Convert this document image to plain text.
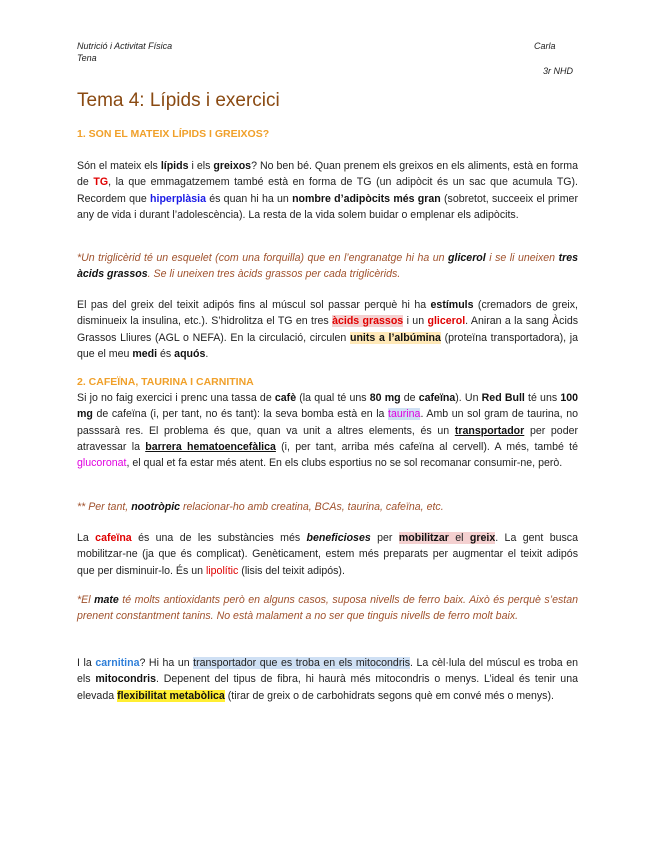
Nutrició i Activitat Física
Tena
Carla
3r NHD
Tema 4: Lípids i exercici
1. SON EL MATEIX LÍPIDS I GREIXOS?
Són el mateix els lípids i els greixos? No ben bé. Quan prenem els greixos en els aliments, està en forma de TG, la que emmagatzemem també està en forma de TG (un adipòcit és un sac que acumula TG). Recordem que hiperplàsia és quan hi ha un nombre d’adipòcits més gran (sobretot, succeeix el primer any de vida i durant l’adolescència). La resta de la vida solem buidar o emplenar els adipòcits.
*Un triglicèrid té un esquelet (com una forquilla) que en l’engranatge hi ha un glicerol i se li uneixen tres àcids grassos. Se li uneixen tres àcids grassos per cada triglicèrids.
El pas del greix del teixit adipós fins al múscul sol passar perquè hi ha estímuls (cremadors de greix, disminueix la insulina, etc.). S’hidrolitza el TG en tres àcids grassos i un glicerol. Aniran a la sang Àcids Grassos Lliures (AGL o NEFA). En la circulació, circulen units a l’albúmina (proteïna transportadora), ja que el meu medi és aquós.
2. CAFEÏNA, TAURINA I CARNITINA
Si jo no faig exercici i prenc una tassa de cafè (la qual té uns 80 mg de cafeïna). Un Red Bull té uns 100 mg de cafeïna (i, per tant, no és tant): la seva bomba està en la taurina. Amb un sol gram de taurina, no passsarà res. El problema és que, quan va unit a altres elements, és un transportador per poder atravessar la barrera hematoencefàlica (i, per tant, arriba més cafeïna al cervell). A més, també té glucoronat, el qual et fa estar més atent. En els clubs esportius no se sol recomanar consumir-ne, però.
** Per tant, nootròpic relacionar-ho amb creatina, BCAs, taurina, cafeïna, etc.
La cafeïna és una de les substàncies més beneficioses per mobilitzar el greix. La gent busca mobilitzar-ne (ja que és complicat). Genèticament, estem més preparats per augmentar el teixit adipós que per disminuir-lo. És un lipolític (lisis del teixit adipós).
*El mate té molts antioxidants però en alguns casos, suposa nivells de ferro baix. Això és perquè s’estan prenent constantment tanins. No està malament a no ser que tinguis nivells de ferro molt baix.
I la carnitina? Hi ha un transportador que es troba en els mitocondris. La cèl·lula del múscul es troba en els mitocondris. Depenent del tipus de fibra, hi haurà més mitocondris o menys. L’ideal és tenir una elevada flexibilitat metabòlica (tirar de greix o de carbohidrats segons què em convé més o menys).
